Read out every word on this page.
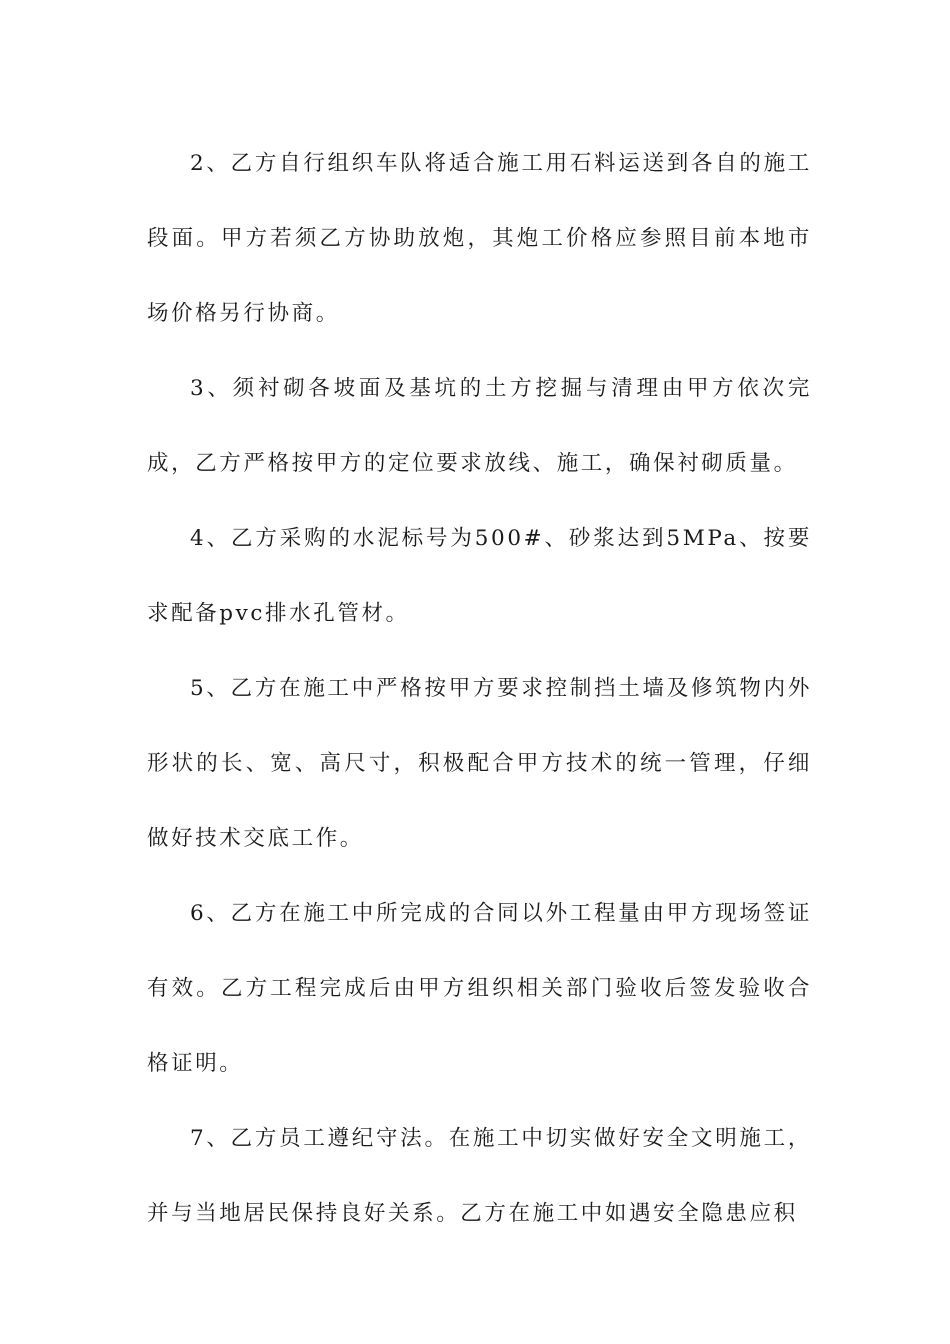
2、乙方自行组织车队将适合施工用石料运送到各自的施工段面。甲方若须乙方协助放炮，其炮工价格应参照目前本地市场价格另行协商。

3、须衬砌各坡面及基坑的土方挖掘与清理由甲方依次完成，乙方严格按甲方的定位要求放线、施工，确保衬砌质量。

4、乙方采购的水泥标号为500#、砂浆达到5MPa、按要求配备pvc排水孔管材。

5、乙方在施工中严格按甲方要求控制挡土墙及修筑物内外形状的长、宽、高尺寸，积极配合甲方技术的统一管理，仔细做好技术交底工作。

6、乙方在施工中所完成的合同以外工程量由甲方现场签证有效。乙方工程完成后由甲方组织相关部门验收后签发验收合格证明。

7、乙方员工遵纪守法。在施工中切实做好安全文明施工，并与当地居民保持良好关系。乙方在施工中如遇安全隐患应积
